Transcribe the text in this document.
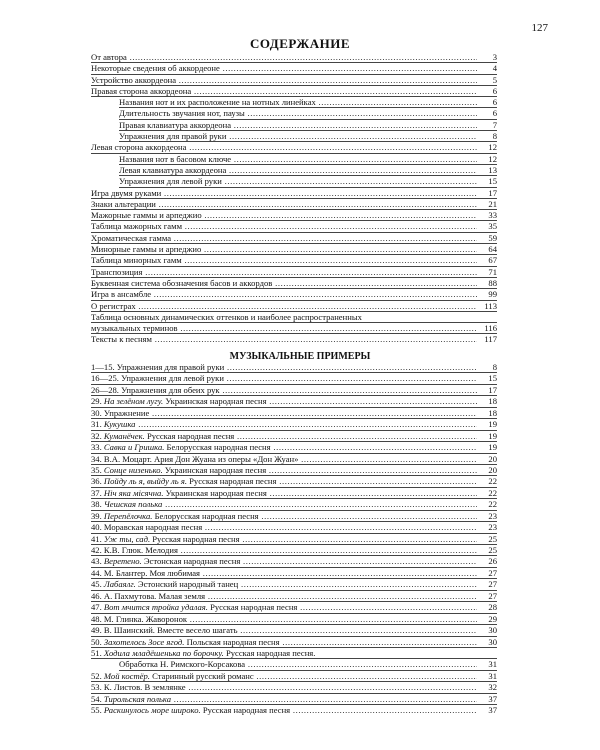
127
СОДЕРЖАНИЕ
От автора .....	3
Некоторые сведения об аккордеоне .....	4
Устройство аккордеона .....	5
Правая сторона аккордеона .....	6
Названия нот и их расположение на нотных линейках .....	6
Длительность звучания нот, паузы .....	6
Правая клавиатура аккордеона .....	7
Упражнения для правой руки .....	8
Левая сторона аккордеона .....	12
Названия нот в басовом ключе .....	12
Левая клавиатура аккордеона .....	13
Упражнения для левой руки .....	15
Игра двумя руками .....	17
Знаки альтерации .....	21
Мажорные гаммы и арпеджио .....	33
Таблица мажорных гамм .....	35
Хроматическая гамма .....	59
Минорные гаммы и арпеджио .....	64
Таблица минорных гамм .....	67
Транспозиция .....	71
Буквенная система обозначения басов и аккордов .....	88
Игра в ансамбле .....	99
О регистрах .....	113
Таблица основных динамических оттенков и наиболее распространенных
музыкальных терминов .....	116
Тексты к песням .....	117
МУЗЫКАЛЬНЫЕ ПРИМЕРЫ
1—15. Упражнения для правой руки .....	8
16—25. Упражнения для левой руки .....	15
26—28. Упражнения для обеих рук .....	17
29. На зелёном лугу. Украинская народная песня .....	18
30. Упражнение .....	18
31. Кукушка .....	19
32. Кумaнёчек. Русская народная песня .....	19
33. Савка и Гришка. Белорусская народная песня .....	19
34. В.А. Моцарт. Ария Дон Жуана из оперы «Дон Жуан» .....	20
35. Сонце низенько. Украинская народная песня .....	20
36. Пойду ль я, выйду ль я. Русская народная песня .....	22
37. Нiч яка мiсячна. Украинская народная песня .....	22
38. Чешская полька .....	22
39. Перепёлочка. Белорусская народная песня .....	23
40. Моравская народная песня .....	23
41. Уж ты, сад. Русская народная песня .....	25
42. К.В. Глюк. Мелодия .....	25
43. Веретено. Эстонская народная песня .....	26
44. М. Блантер. Моя любимая .....	27
45. Лабаялг. Эстонский народный танец .....	27
46. А. Пахмутова. Малая земля .....	27
47. Вот мчится тройка удалая. Русская народная песня .....	28
48. М. Глинка. Жаворонок .....	29
49. В. Шаинский. Вместе весело шагать .....	30
50. Захотелось Зосе ягод. Польская народная песня .....	30
51. Ходила младёшенька по борочку. Русская народная песня.
Обработка Н. Римского-Корсакова .....	31
52. Мой костёр. Старинный русский романс .....	31
53. К. Листов. В землянке .....	32
54. Тирольская полька .....	37
55. Раскинулось море широко. Русская народная песня .....	37
